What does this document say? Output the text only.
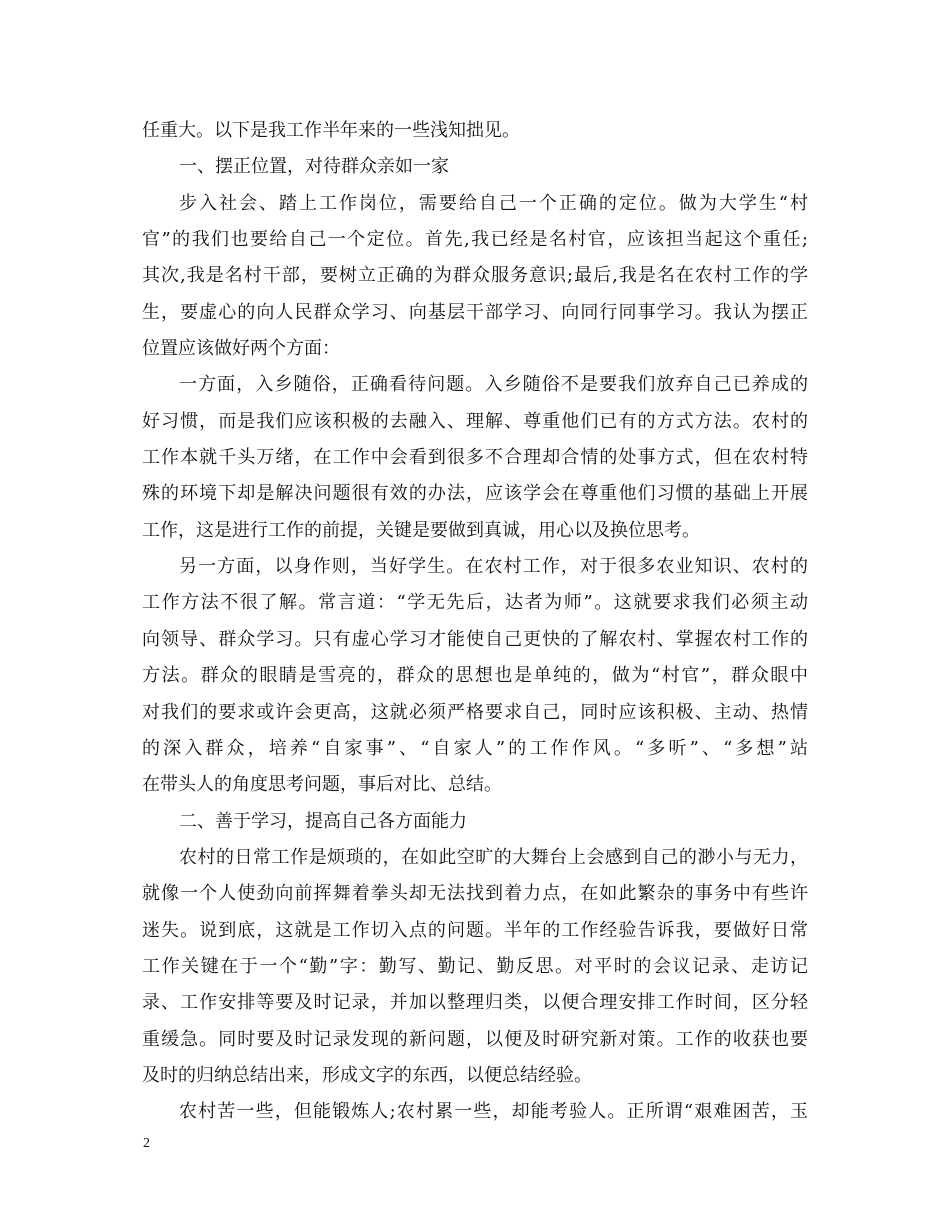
任重大。以下是我工作半年来的一些浅知拙见。
一、摆正位置，对待群众亲如一家
步入社会、踏上工作岗位，需要给自己一个正确的定位。做为大学生“村
官”的我们也要给自己一个定位。首先,我已经是名村官，应该担当起这个重任;
其次,我是名村干部，要树立正确的为群众服务意识;最后,我是名在农村工作的学
生，要虚心的向人民群众学习、向基层干部学习、向同行同事学习。我认为摆正
位置应该做好两个方面：
一方面，入乡随俗，正确看待问题。入乡随俗不是要我们放弃自己已养成的
好习惯，而是我们应该积极的去融入、理解、尊重他们已有的方式方法。农村的
工作本就千头万绪，在工作中会看到很多不合理却合情的处事方式，但在农村特
殊的环境下却是解决问题很有效的办法，应该学会在尊重他们习惯的基础上开展
工作，这是进行工作的前提，关键是要做到真诚，用心以及换位思考。
另一方面，以身作则，当好学生。在农村工作，对于很多农业知识、农村的
工作方法不很了解。常言道：“学无先后，达者为师”。这就要求我们必须主动
向领导、群众学习。只有虚心学习才能使自己更快的了解农村、掌握农村工作的
方法。群众的眼睛是雪亮的，群众的思想也是单纯的，做为“村官”，群众眼中
对我们的要求或许会更高，这就必须严格要求自己，同时应该积极、主动、热情
的深入群众，培养“自家事”、“自家人”的工作作风。“多听”、“多想”站
在带头人的角度思考问题，事后对比、总结。
二、善于学习，提高自己各方面能力
农村的日常工作是烦琐的，在如此空旷的大舞台上会感到自己的渺小与无力，
就像一个人使劲向前挥舞着拳头却无法找到着力点，在如此繁杂的事务中有些许
迷失。说到底，这就是工作切入点的问题。半年的工作经验告诉我，要做好日常
工作关键在于一个“勤”字：勤写、勤记、勤反思。对平时的会议记录、走访记
录、工作安排等要及时记录，并加以整理归类，以便合理安排工作时间，区分轻
重缓急。同时要及时记录发现的新问题，以便及时研究新对策。工作的收获也要
及时的归纳总结出来，形成文字的东西，以便总结经验。
农村苦一些，但能锻炼人;农村累一些，却能考验人。正所谓“艰难困苦，玉
2
